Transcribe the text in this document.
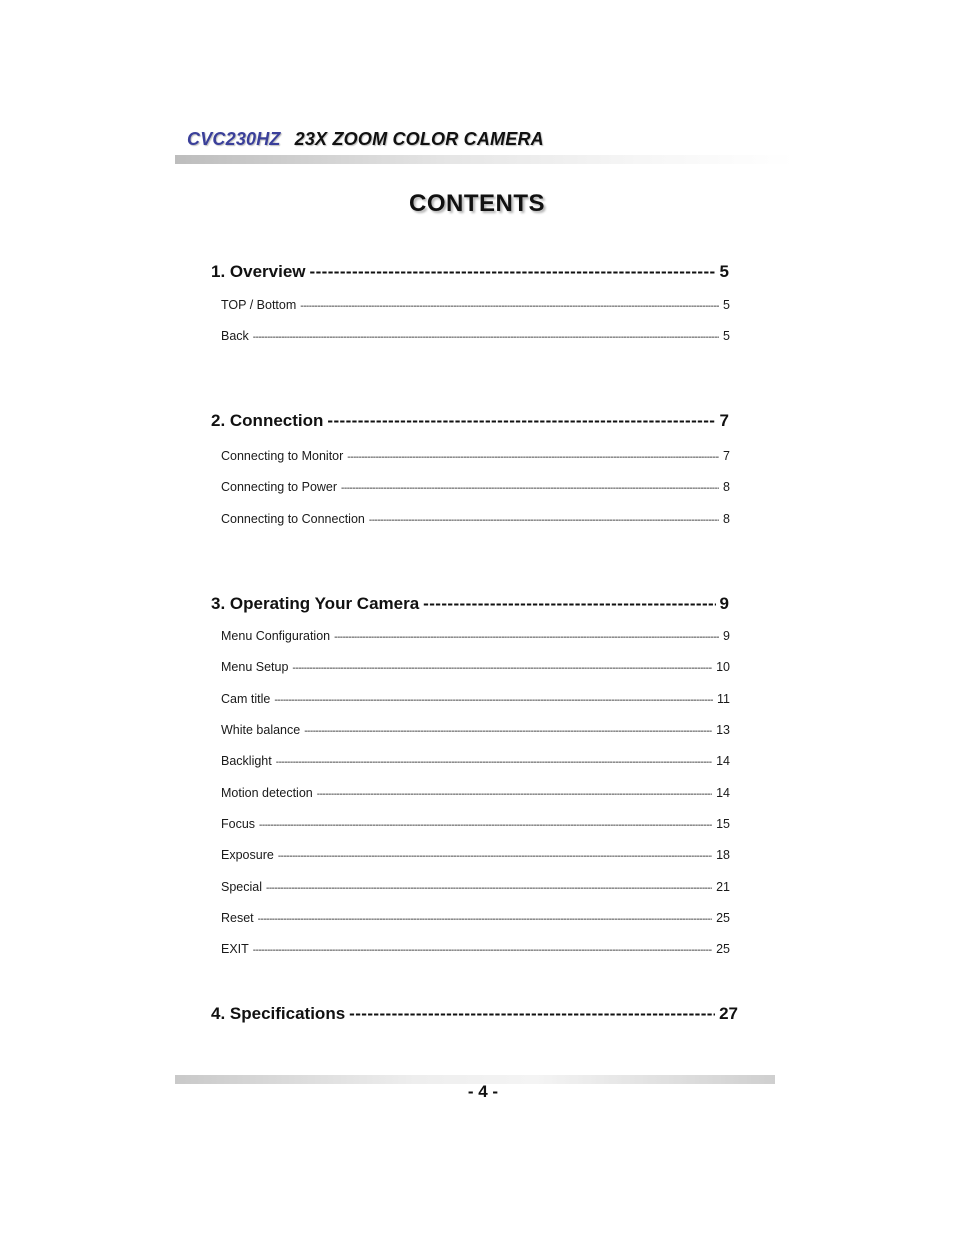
CVC230HZ 23X ZOOM COLOR CAMERA
CONTENTS
1. Overview -----	5
TOP / Bottom -----	5
Back -----	5
2. Connection -----	7
Connecting to Monitor -----	7
Connecting to Power -----	8
Connecting to Connection -----	8
3. Operating Your Camera -----	9
Menu Configuration -----	9
Menu Setup -----	10
Cam title -----	11
White balance -----	13
Backlight -----	14
Motion detection -----	14
Focus -----	15
Exposure -----	18
Special -----	21
Reset -----	25
EXIT -----	25
4. Specifications -----	27
- 4 -
